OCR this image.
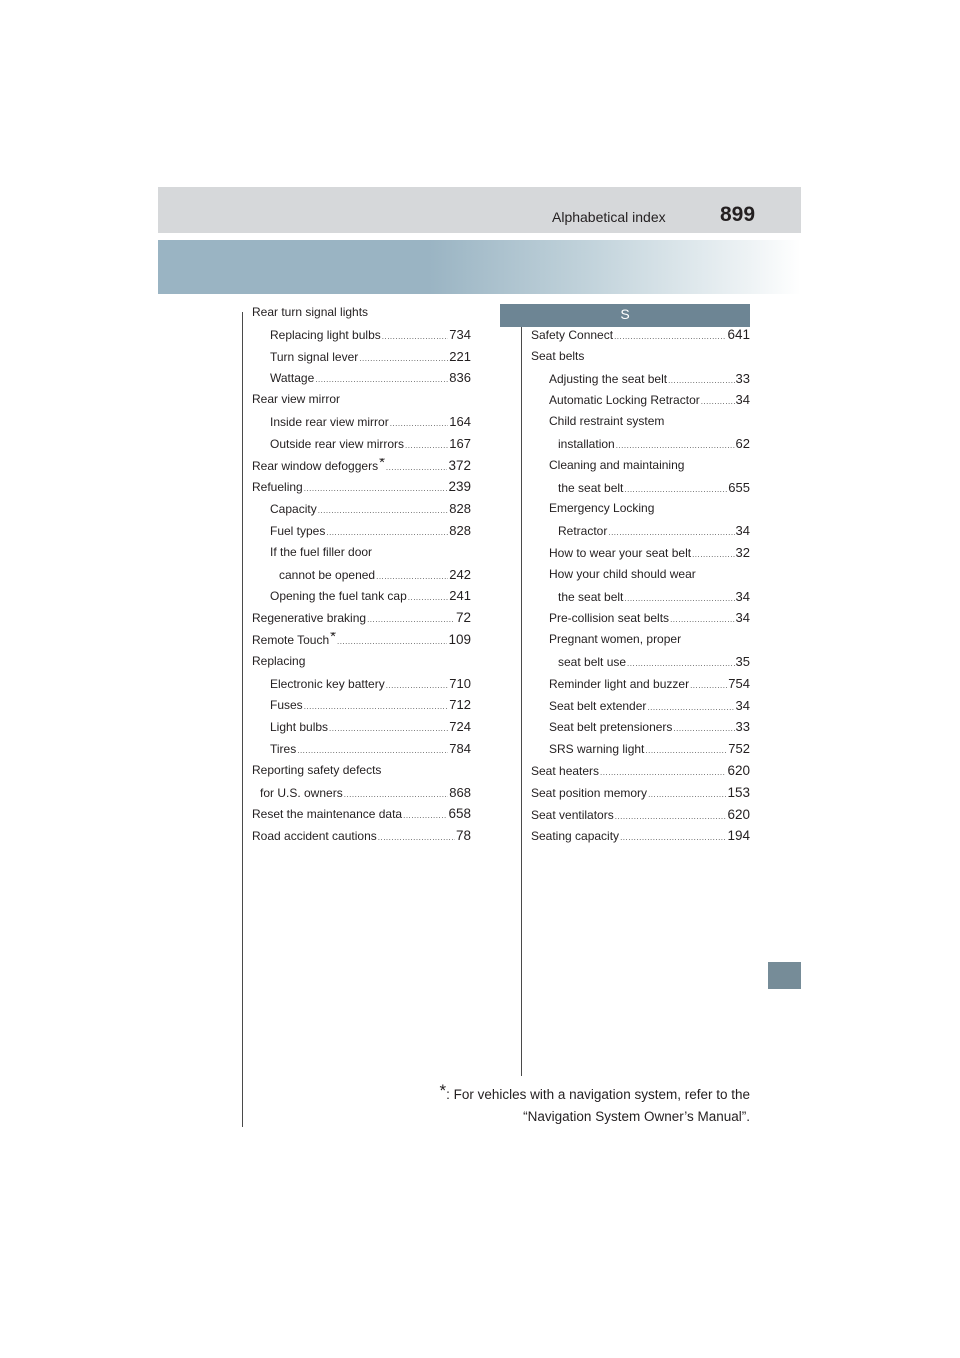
Alphabetical index	899
S
Rear turn signal lights
Replacing light bulbs .....	734
Turn signal lever .....	221
Wattage .....	836
Rear view mirror
Inside rear view mirror .....	164
Outside rear view mirrors .....	167
Rear window defoggers* .....	372
Refueling .....	239
Capacity .....	828
Fuel types .....	828
If the fuel filler door
cannot be opened .....	242
Opening the fuel tank cap .....	241
Regenerative braking .....	72
Remote Touch* .....	109
Replacing
Electronic key battery .....	710
Fuses .....	712
Light bulbs .....	724
Tires .....	784
Reporting safety defects
for U.S. owners .....	868
Reset the maintenance data .....	658
Road accident cautions .....	78
Safety Connect .....	641
Seat belts
Adjusting the seat belt .....	33
Automatic Locking Retractor .....	34
Child restraint system
installation .....	62
Cleaning and maintaining
the seat belt .....	655
Emergency Locking
Retractor .....	34
How to wear your seat belt .....	32
How your child should wear
the seat belt .....	34
Pre-collision seat belts .....	34
Pregnant women, proper
seat belt use .....	35
Reminder light and buzzer .....	754
Seat belt extender .....	34
Seat belt pretensioners .....	33
SRS warning light .....	752
Seat heaters .....	620
Seat position memory .....	153
Seat ventilators .....	620
Seating capacity .....	194
*: For vehicles with a navigation system, refer to the
“Navigation System Owner’s Manual”.
